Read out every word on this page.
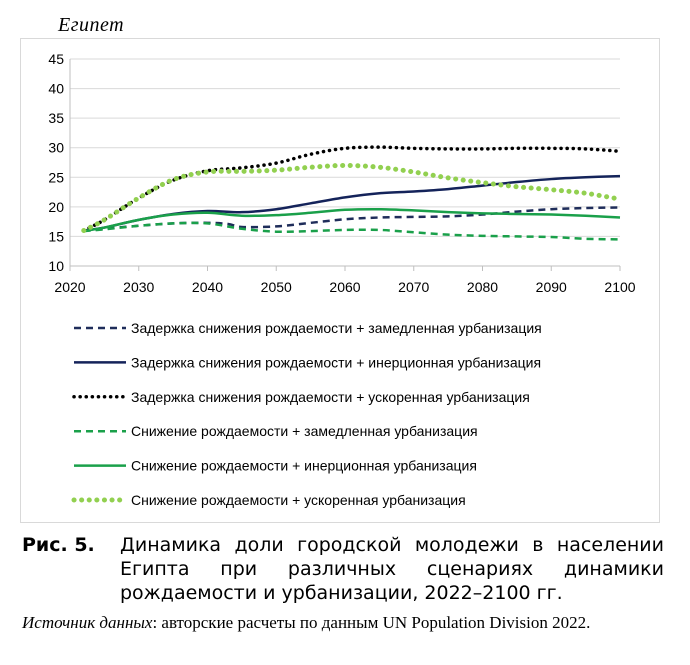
Египет
10
15
20
25
30
35
40
45
2020	2030	2040	2050	2060	2070	2080	2090	2100
Задержка снижения рождаемости + замедленная урбанизация
Задержка снижения рождаемости + инерционная урбанизация
Задержка снижения рождаемости + ускоренная урбанизация
Снижение рождаемости + замедленная урбанизация
Снижение рождаемости + инерционная урбанизация
Снижение рождаемости + ускоренная урбанизация
Рис. 5.	Динамика доли городской молодежи в населении Египта при различных сценариях динамики рождаемости и урбанизации, 2022–2100 гг.
Источник данных: авторские расчеты по данным UN Population Division 2022.
